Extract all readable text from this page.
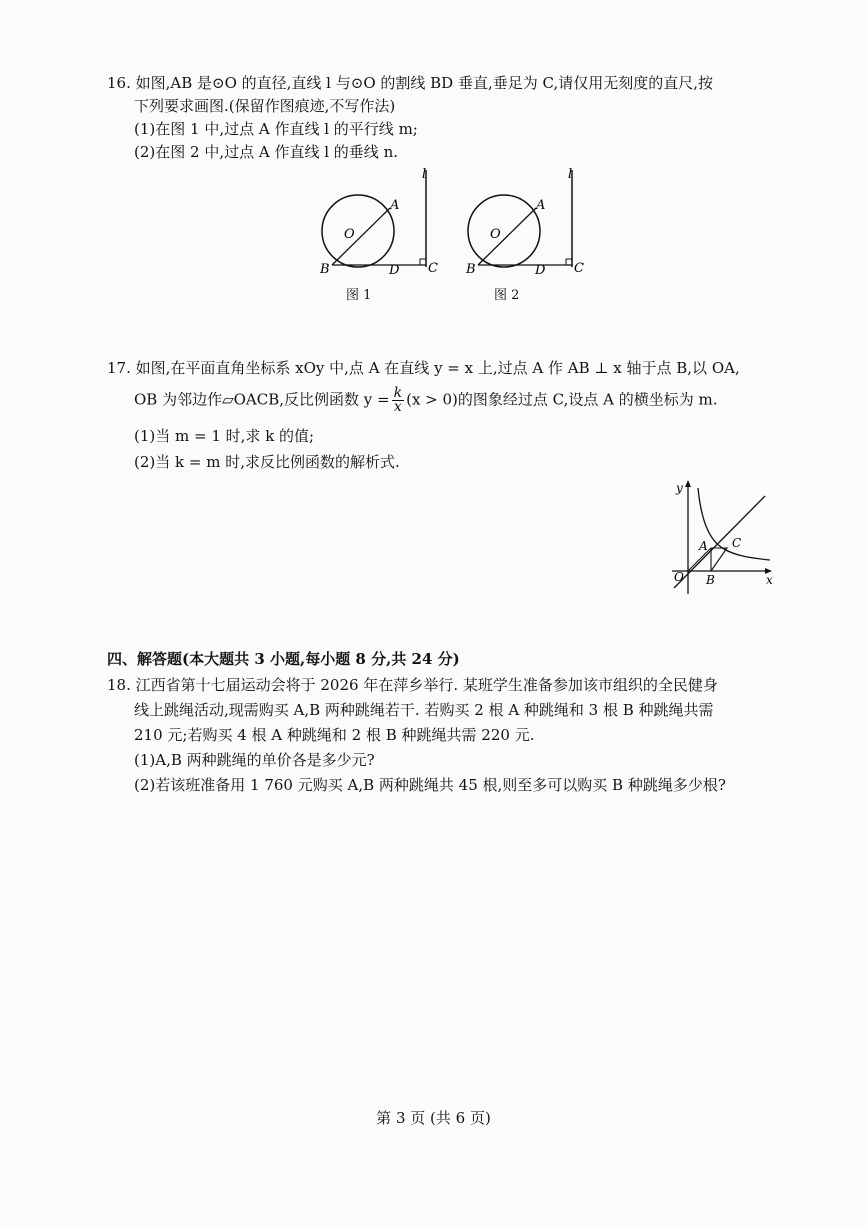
16. 如图,AB 是⊙O 的直径,直线 l 与⊙O 的割线 BD 垂直,垂足为 C,请仅用无刻度的直尺,按
下列要求画图.(保留作图痕迹,不写作法)
(1)在图 1 中,过点 A 作直线 l 的平行线 m;
(2)在图 2 中,过点 A 作直线 l 的垂线 n.
l
A
O
B	D C
图 1
l
A
O
B	D C
图 2
17. 如图,在平面直角坐标系 xOy 中,点 A 在直线 y = x 上,过点 A 作 AB ⊥ x 轴于点 B,以 OA,
OB 为邻边作▱OACB,反比例函数 $y = \frac{k}{x} (x > 0)$的图象经过点 C,设点 A 的横坐标为 m.
(1)当 m = 1 时,求 k 的值;
(2)当 k = m 时,求反比例函数的解析式.
y
x
O
A
B
C
四、解答题(本大题共 3 小题,每小题 8 分,共 24 分)
18. 江西省第十七届运动会将于 2026 年在萍乡举行. 某班学生准备参加该市组织的全民健身
线上跳绳活动,现需购买 A,B 两种跳绳若干. 若购买 2 根 A 种跳绳和 3 根 B 种跳绳共需
210 元;若购买 4 根 A 种跳绳和 2 根 B 种跳绳共需 220 元.
(1)A,B 两种跳绳的单价各是多少元?
(2)若该班准备用 1 760 元购买 A,B 两种跳绳共 45 根,则至多可以购买 B 种跳绳多少根?
第 3 页 (共 6 页)
